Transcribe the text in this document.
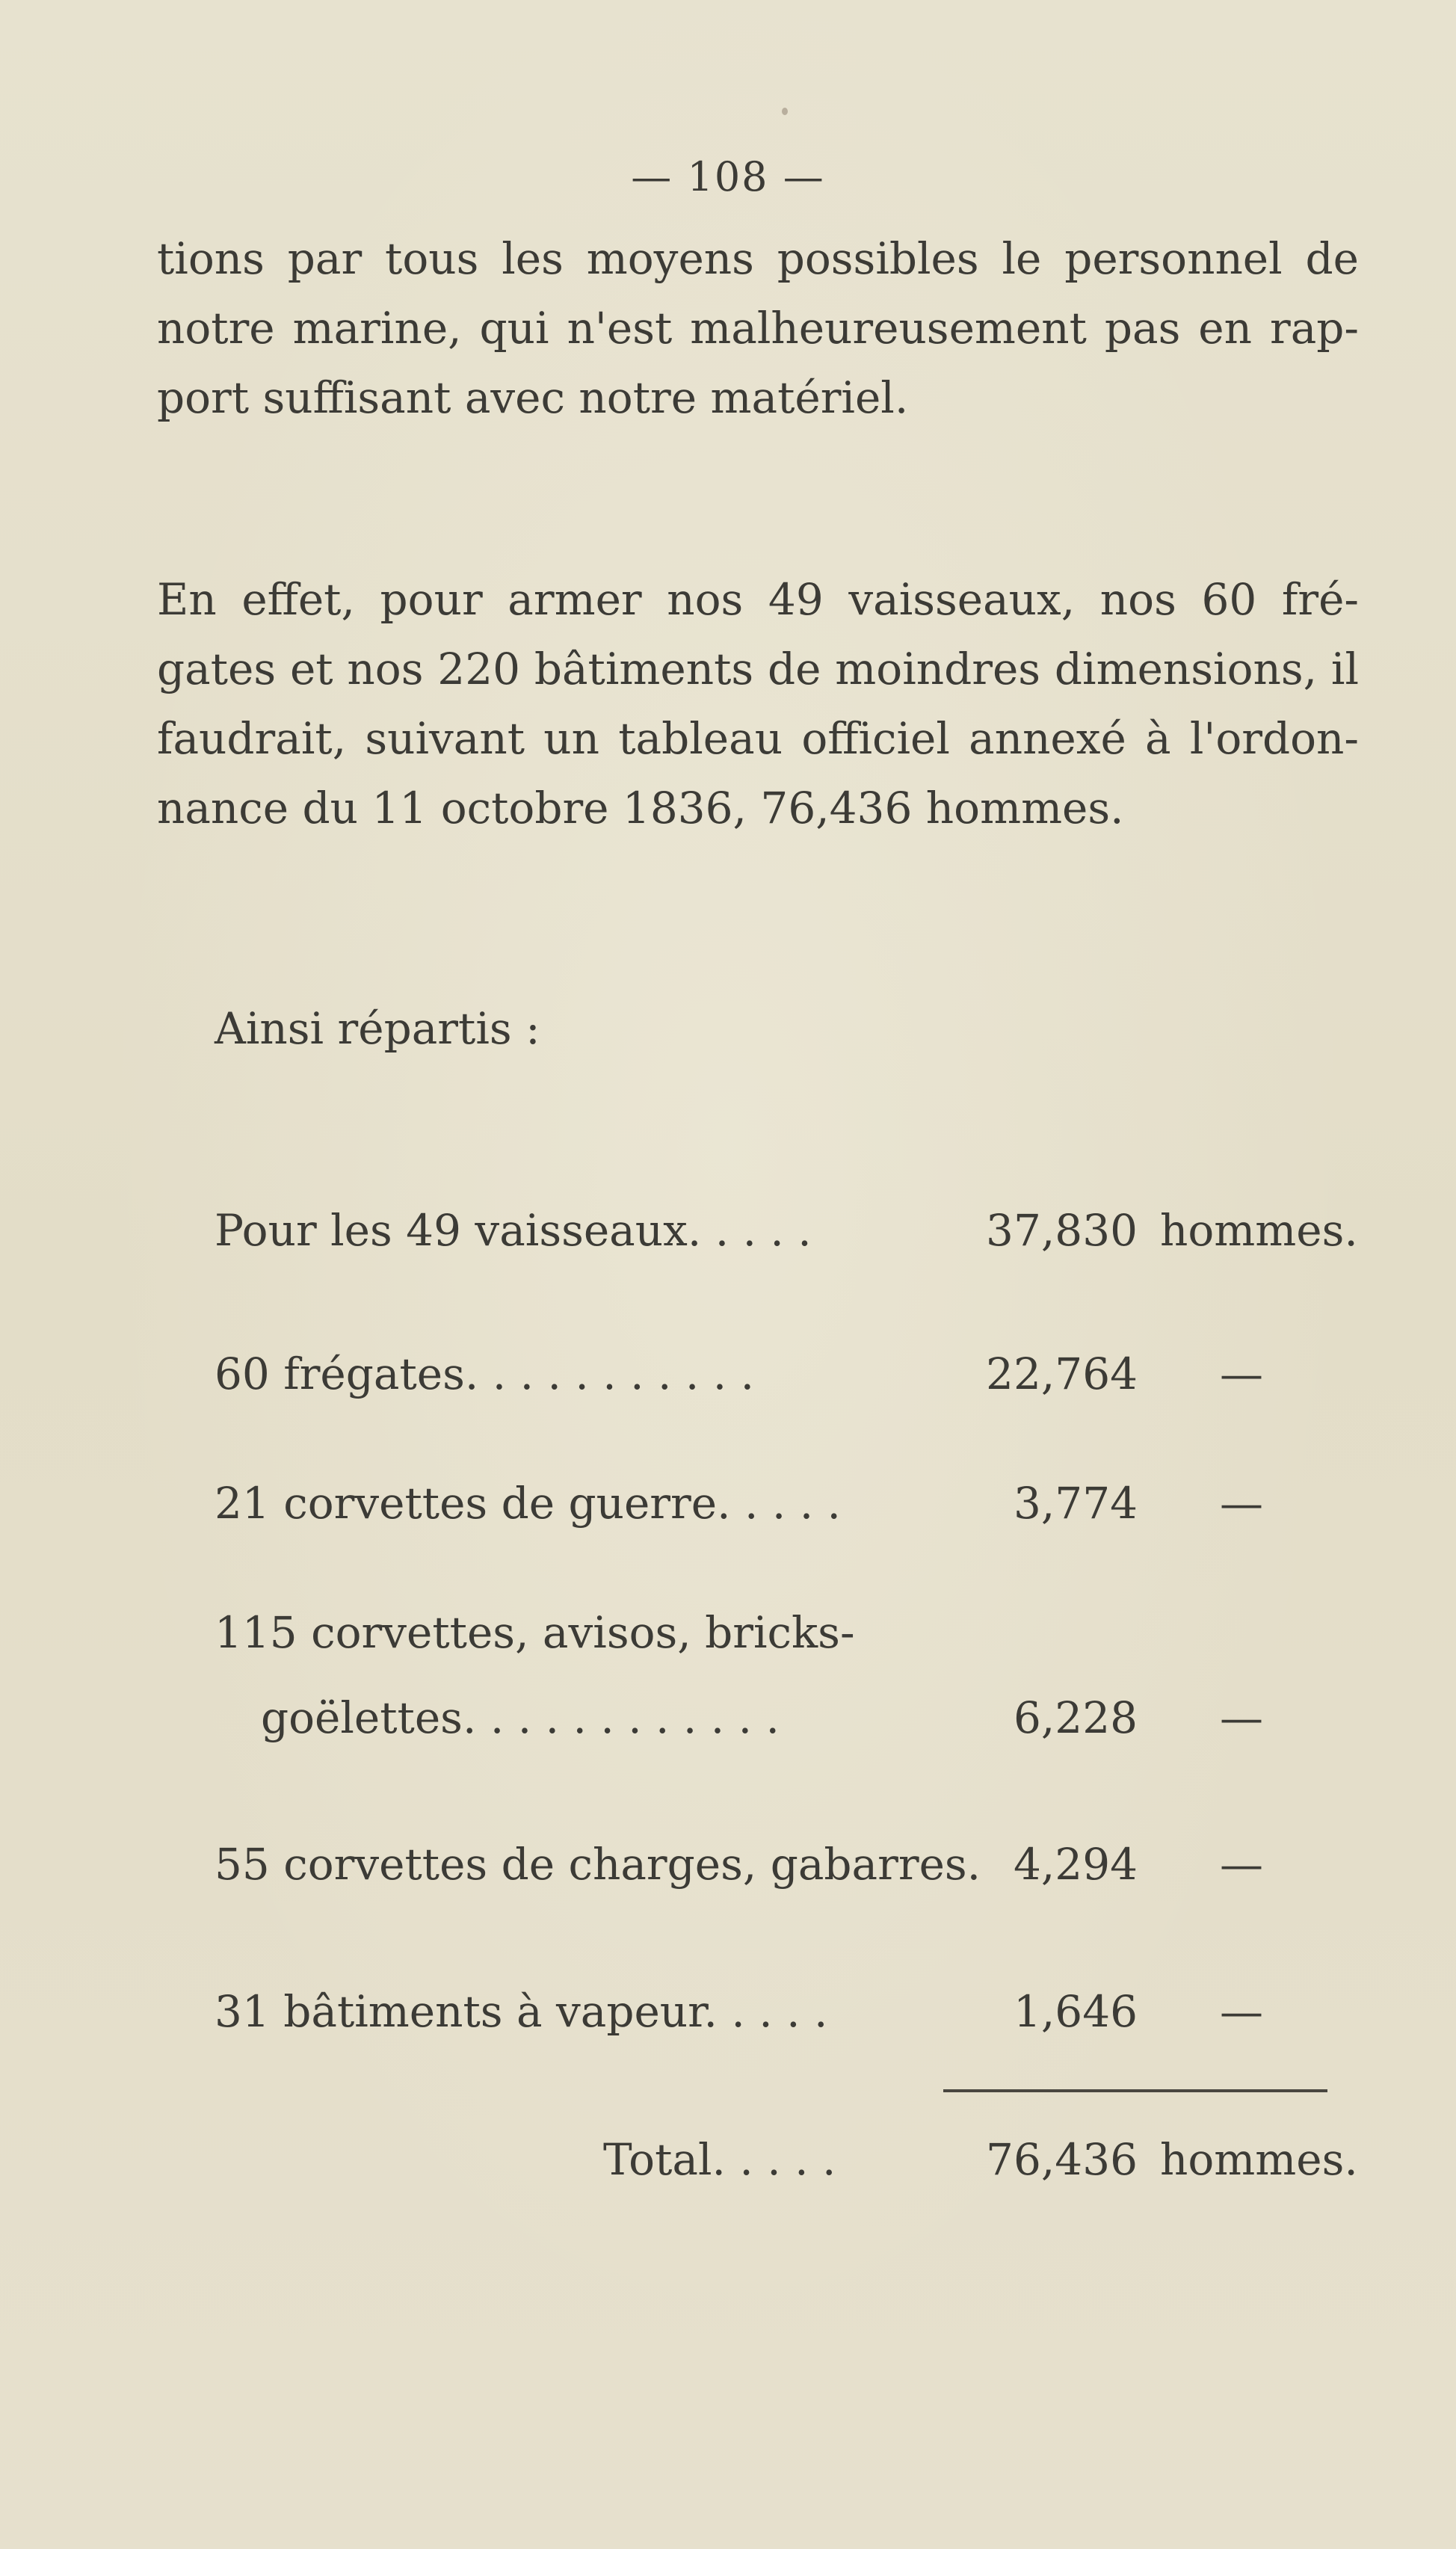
— 108 —
tions par tous les moyens possibles le personnel de
notre marine, qui n'est malheureusement pas en rap-
port suffisant avec notre matériel.
En effet, pour armer nos 49 vaisseaux, nos 60 fré-
gates et nos 220 bâtiments de moindres dimensions, il
faudrait, suivant un tableau officiel annexé à l'ordon-
nance du 11 octobre 1836, 76,436 hommes.
Ainsi répartis :
Pour les 49 vaisseaux. . . . .	37,830 hommes.
60 frégates. . . . . . . . . . .	22,764 —
21 corvettes de guerre. . . . .	3,774 —
115 corvettes, avisos, bricks-
goëlettes. . . . . . . . . . . .	6,228 —
55 corvettes de charges, gabarres. 4,294 —
31 bâtiments à vapeur. . . . .	1,646 —
Total. . . . .	76,436 hommes.
